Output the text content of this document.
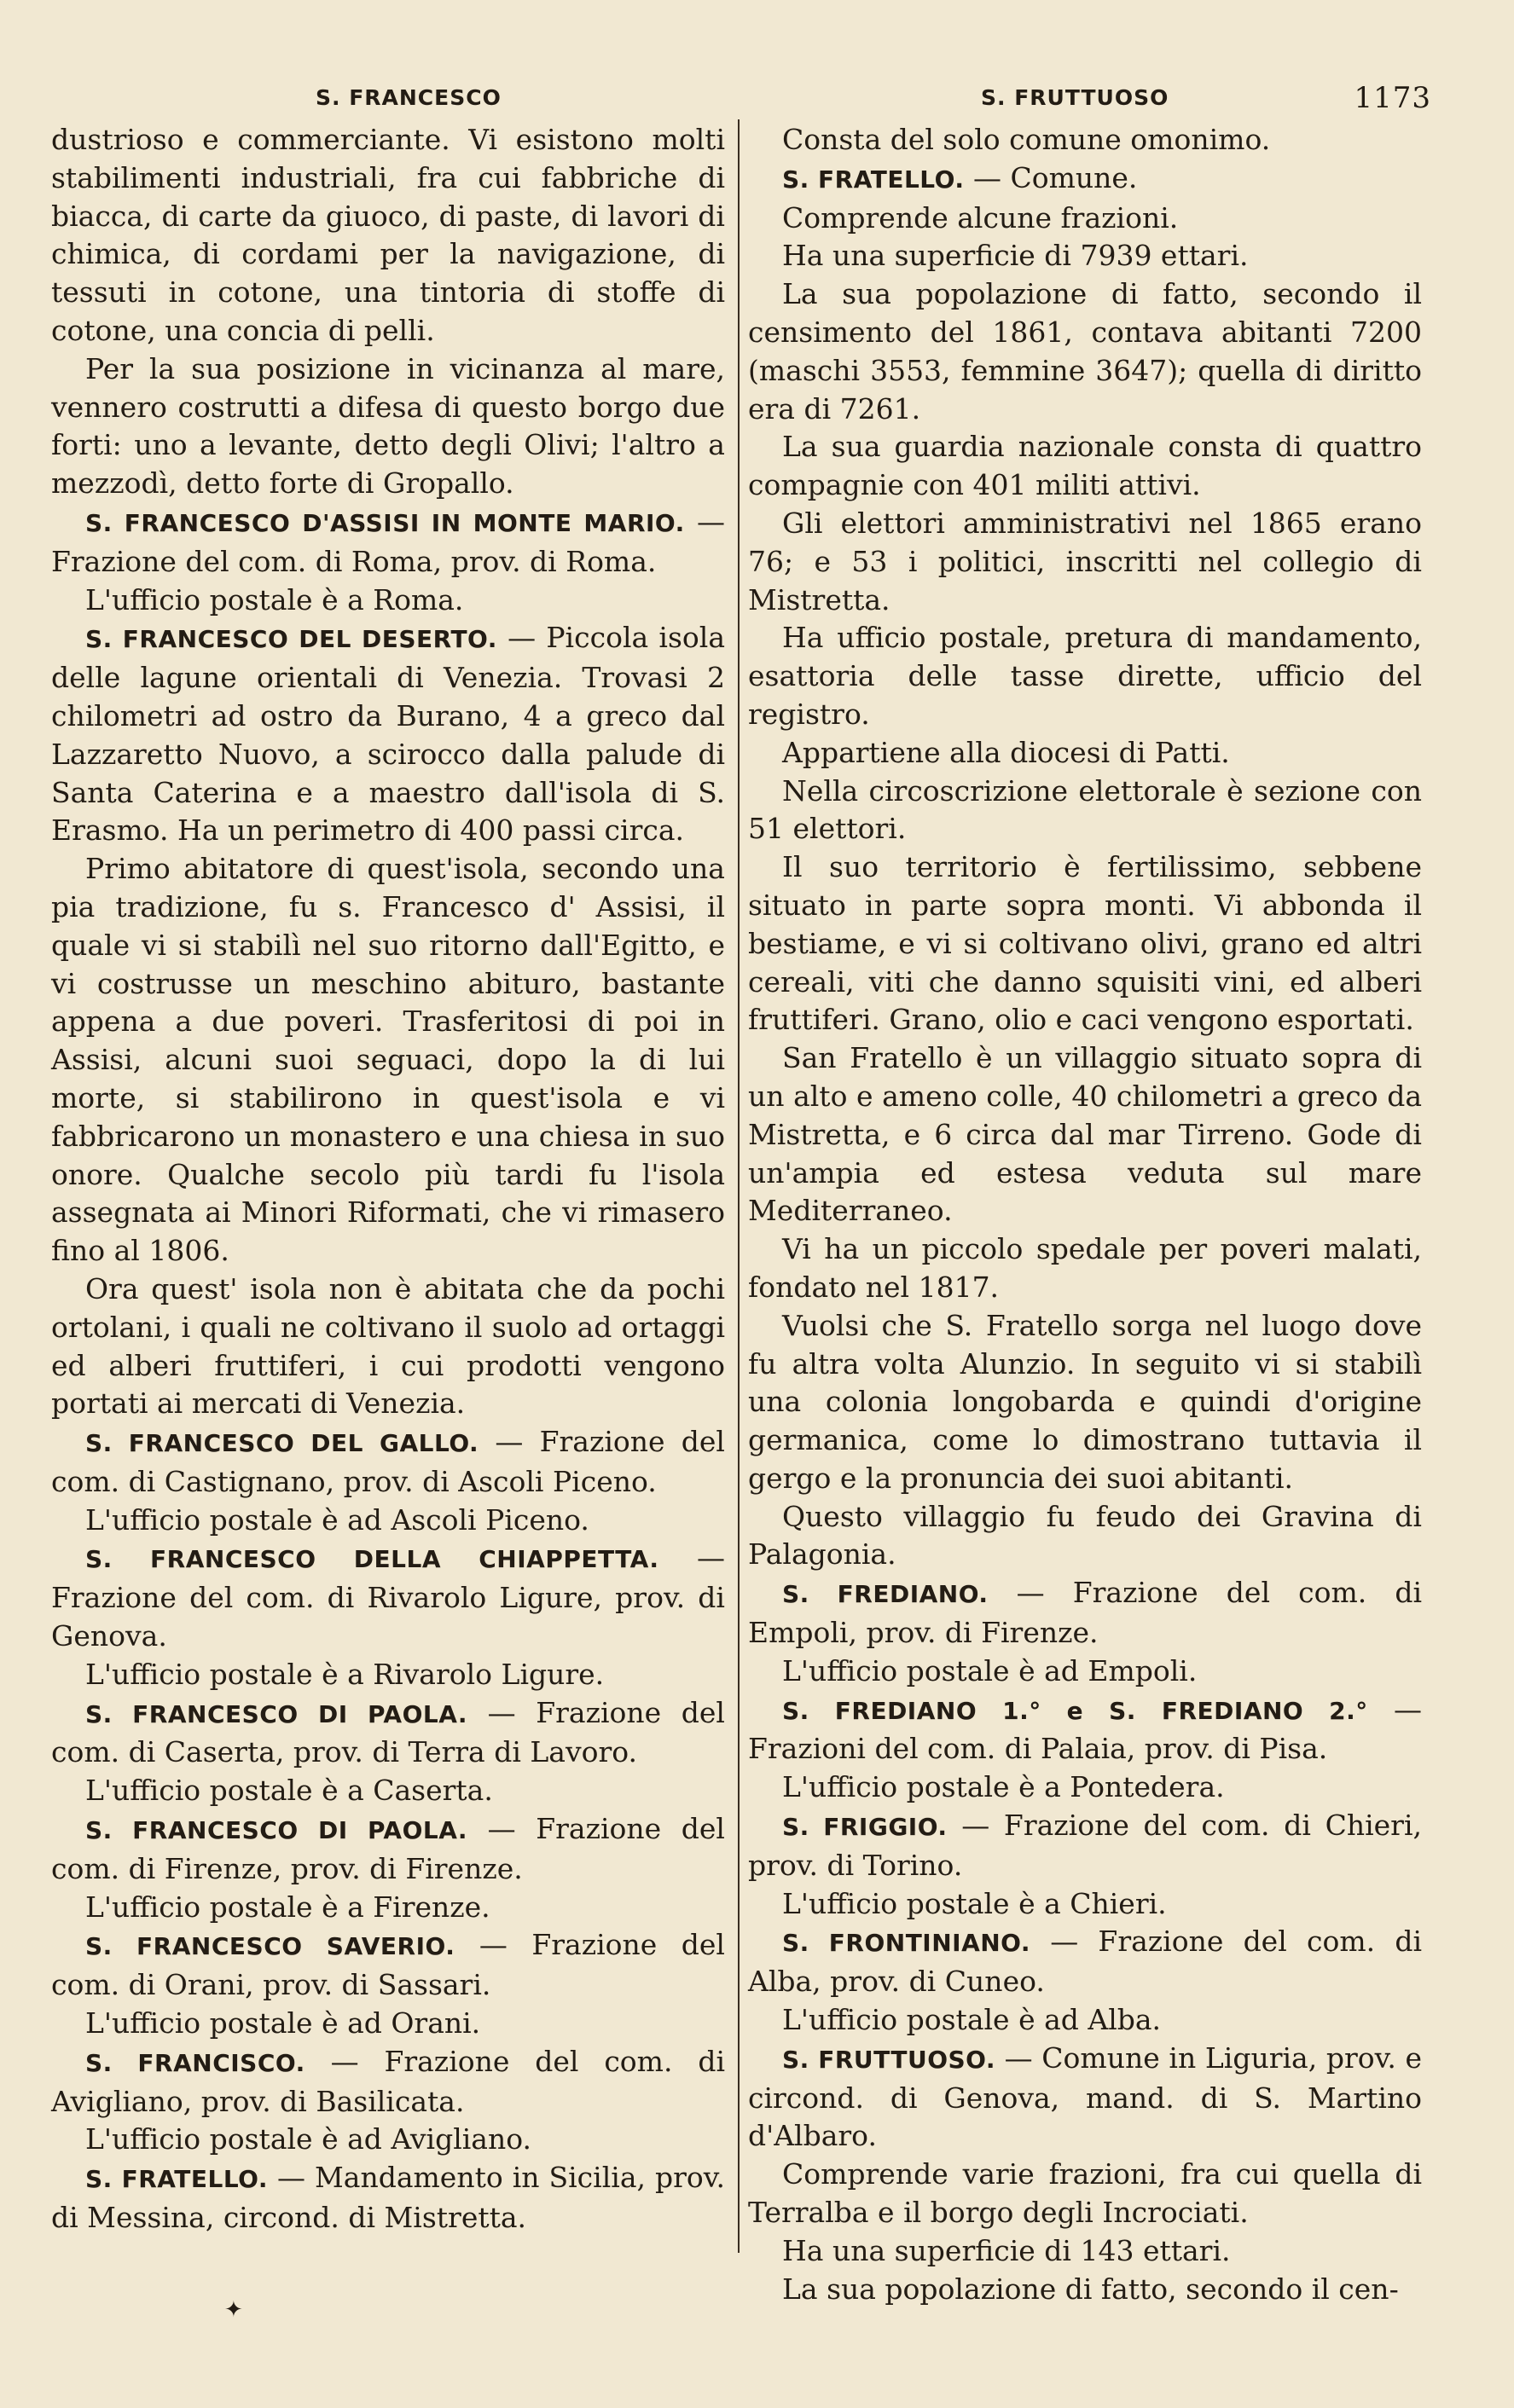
S. FRANCESCO	S. FRUTTUOSO	1173

dustrioso e commerciante. Vi esistono molti stabilimenti industriali, fra cui fabbriche di biacca, di carte da giuoco, di paste, di lavori di chimica, di cordami per la navigazione, di tessuti in cotone, una tintoria di stoffe di cotone, una concia di pelli.

Per la sua posizione in vicinanza al mare, vennero costrutti a difesa di questo borgo due forti: uno a levante, detto degli Olivi; l'altro a mezzodì, detto forte di Gropallo.

S. FRANCESCO D'ASSISI IN MONTE MARIO. — Frazione del com. di Roma, prov. di Roma.

L'ufficio postale è a Roma.

S. FRANCESCO DEL DESERTO. — Piccola isola delle lagune orientali di Venezia. Trovasi 2 chilometri ad ostro da Burano, 4 a greco dal Lazzaretto Nuovo, a scirocco dalla palude di Santa Caterina e a maestro dall'isola di S. Erasmo. Ha un perimetro di 400 passi circa.

Primo abitatore di quest'isola, secondo una pia tradizione, fu s. Francesco d' Assisi, il quale vi si stabilì nel suo ritorno dall'Egitto, e vi costrusse un meschino abituro, bastante appena a due poveri. Trasferitosi di poi in Assisi, alcuni suoi seguaci, dopo la di lui morte, si stabilirono in quest'isola e vi fabbricarono un monastero e una chiesa in suo onore. Qualche secolo più tardi fu l'isola assegnata ai Minori Riformati, che vi rimasero fino al 1806.

Ora quest' isola non è abitata che da pochi ortolani, i quali ne coltivano il suolo ad ortaggi ed alberi fruttiferi, i cui prodotti vengono portati ai mercati di Venezia.

S. FRANCESCO DEL GALLO. — Frazione del com. di Castignano, prov. di Ascoli Piceno.

L'ufficio postale è ad Ascoli Piceno.

S. FRANCESCO DELLA CHIAPPETTA. — Frazione del com. di Rivarolo Ligure, prov. di Genova.

L'ufficio postale è a Rivarolo Ligure.

S. FRANCESCO DI PAOLA. — Frazione del com. di Caserta, prov. di Terra di Lavoro.

L'ufficio postale è a Caserta.

S. FRANCESCO DI PAOLA. — Frazione del com. di Firenze, prov. di Firenze.

L'ufficio postale è a Firenze.

S. FRANCESCO SAVERIO. — Frazione del com. di Orani, prov. di Sassari.

L'ufficio postale è ad Orani.

S. FRANCISCO. — Frazione del com. di Avigliano, prov. di Basilicata.

L'ufficio postale è ad Avigliano.

S. FRATELLO. — Mandamento in Sicilia, prov. di Messina, circond. di Mistretta.

Consta del solo comune omonimo.

S. FRATELLO. — Comune.

Comprende alcune frazioni.

Ha una superficie di 7939 ettari.

La sua popolazione di fatto, secondo il censimento del 1861, contava abitanti 7200 (maschi 3553, femmine 3647); quella di diritto era di 7261.

La sua guardia nazionale consta di quattro compagnie con 401 militi attivi.

Gli elettori amministrativi nel 1865 erano 76; e 53 i politici, inscritti nel collegio di Mistretta.

Ha ufficio postale, pretura di mandamento, esattoria delle tasse dirette, ufficio del registro.

Appartiene alla diocesi di Patti.

Nella circoscrizione elettorale è sezione con 51 elettori.

Il suo territorio è fertilissimo, sebbene situato in parte sopra monti. Vi abbonda il bestiame, e vi si coltivano olivi, grano ed altri cereali, viti che danno squisiti vini, ed alberi fruttiferi. Grano, olio e caci vengono esportati.

San Fratello è un villaggio situato sopra di un alto e ameno colle, 40 chilometri a greco da Mistretta, e 6 circa dal mar Tirreno. Gode di un'ampia ed estesa veduta sul mare Mediterraneo.

Vi ha un piccolo spedale per poveri malati, fondato nel 1817.

Vuolsi che S. Fratello sorga nel luogo dove fu altra volta Alunzio. In seguito vi si stabilì una colonia longobarda e quindi d'origine germanica, come lo dimostrano tuttavia il gergo e la pronuncia dei suoi abitanti.

Questo villaggio fu feudo dei Gravina di Palagonia.

S. FREDIANO. — Frazione del com. di Empoli, prov. di Firenze.

L'ufficio postale è ad Empoli.

S. FREDIANO 1.° e S. FREDIANO 2.° — Frazioni del com. di Palaia, prov. di Pisa.

L'ufficio postale è a Pontedera.

S. FRIGGIO. — Frazione del com. di Chieri, prov. di Torino.

L'ufficio postale è a Chieri.

S. FRONTINIANO. — Frazione del com. di Alba, prov. di Cuneo.

L'ufficio postale è ad Alba.

S. FRUTTUOSO. — Comune in Liguria, prov. e circond. di Genova, mand. di S. Martino d'Albaro.

Comprende varie frazioni, fra cui quella di Terralba e il borgo degli Incrociati.

Ha una superficie di 143 ettari.

La sua popolazione di fatto, secondo il cen-

✦
